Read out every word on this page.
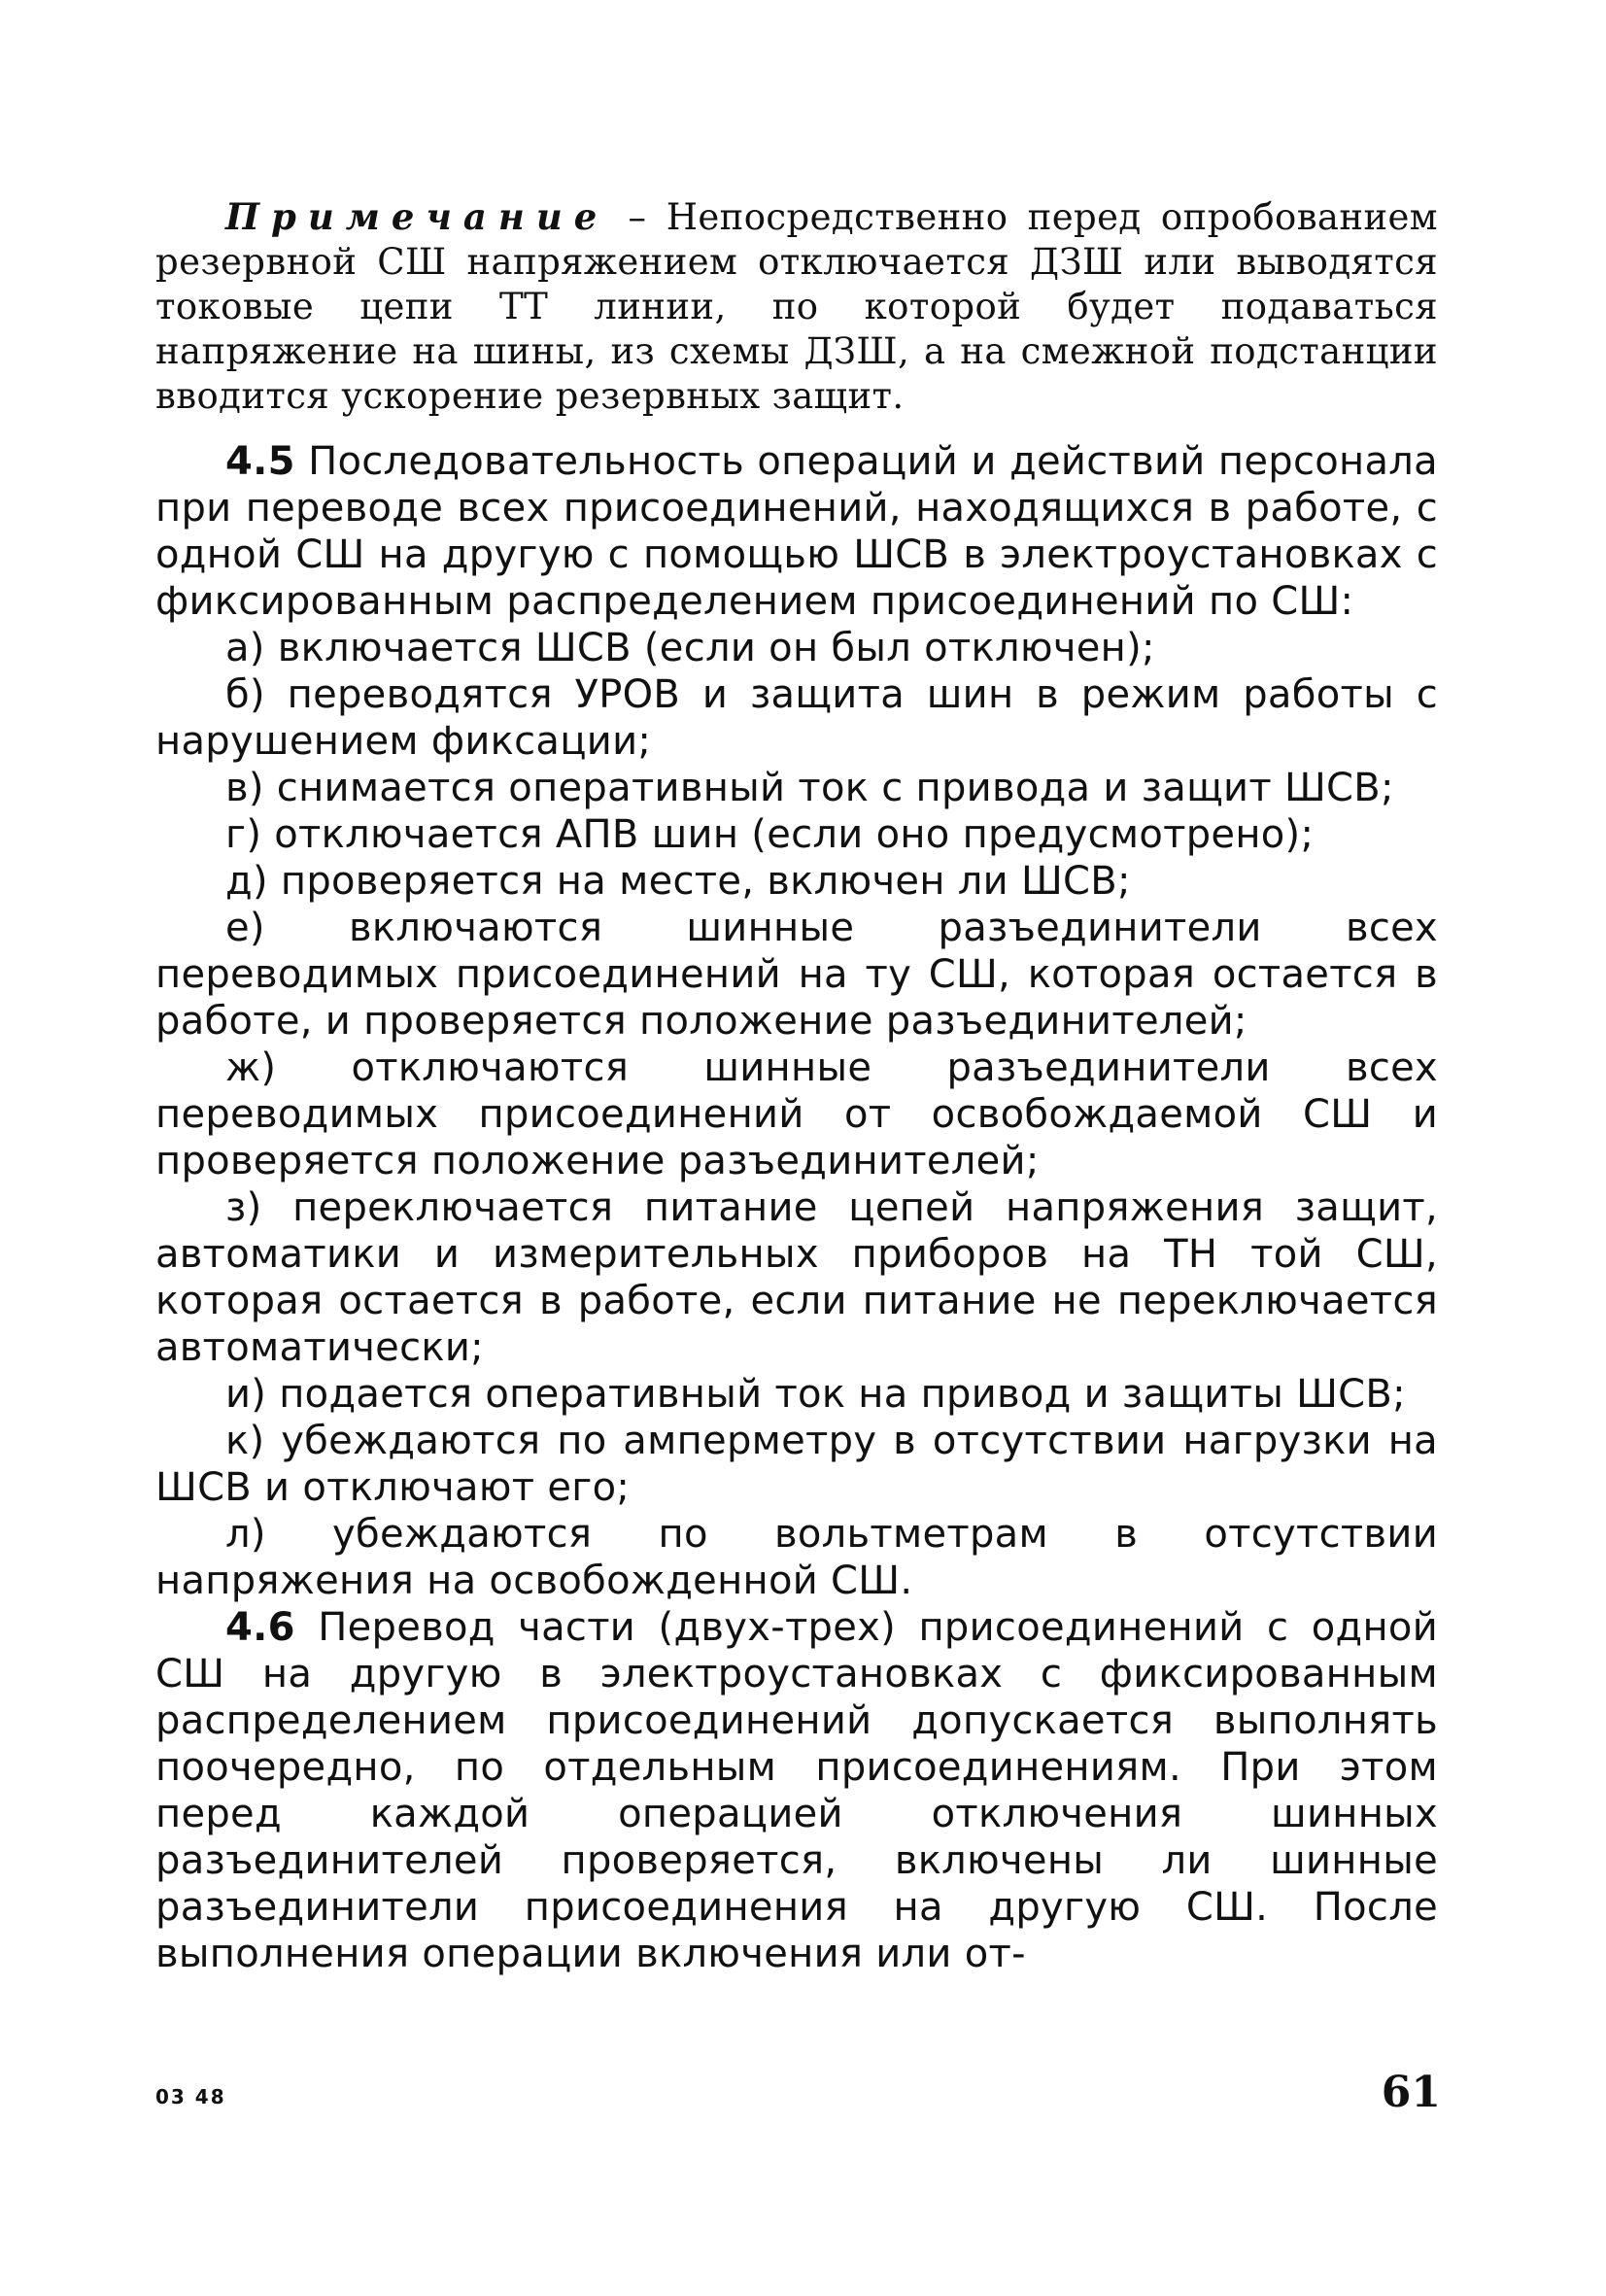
Примечание – Непосредственно перед опробованием резервной СШ напряжением отключается ДЗШ или выводятся токовые цепи ТТ линии, по которой будет подаваться напряжение на шины, из схемы ДЗШ, а на смежной подстанции вводится ускорение резервных защит.

4.5 Последовательность операций и действий персонала при переводе всех присоединений, находящихся в работе, с одной СШ на другую с помощью ШСВ в электроустановках с фиксированным распределением присоединений по СШ:

а) включается ШСВ (если он был отключен);

б) переводятся УРОВ и защита шин в режим работы с нарушением фиксации;

в) снимается оперативный ток с привода и защит ШСВ;

г) отключается АПВ шин (если оно предусмотрено);

д) проверяется на месте, включен ли ШСВ;

е) включаются шинные разъединители всех переводимых присоединений на ту СШ, которая остается в работе, и проверяется положение разъединителей;

ж) отключаются шинные разъединители всех переводимых присоединений от освобождаемой СШ и проверяется положение разъединителей;

з) переключается питание цепей напряжения защит, автоматики и измерительных приборов на ТН той СШ, которая остается в работе, если питание не переключается автоматически;

и) подается оперативный ток на привод и защиты ШСВ;

к) убеждаются по амперметру в отсутствии нагрузки на ШСВ и отключают его;

л) убеждаются по вольтметрам в отсутствии напряжения на освобожденной СШ.

4.6 Перевод части (двух-трех) присоединений с одной СШ на другую в электроустановках с фиксированным распределением присоединений допускается выполнять поочередно, по отдельным присоединениям. При этом перед каждой операцией отключения шинных разъединителей проверяется, включены ли шинные разъединители присоединения на другую СШ. После выполнения операции включения или от-

03 48	61
